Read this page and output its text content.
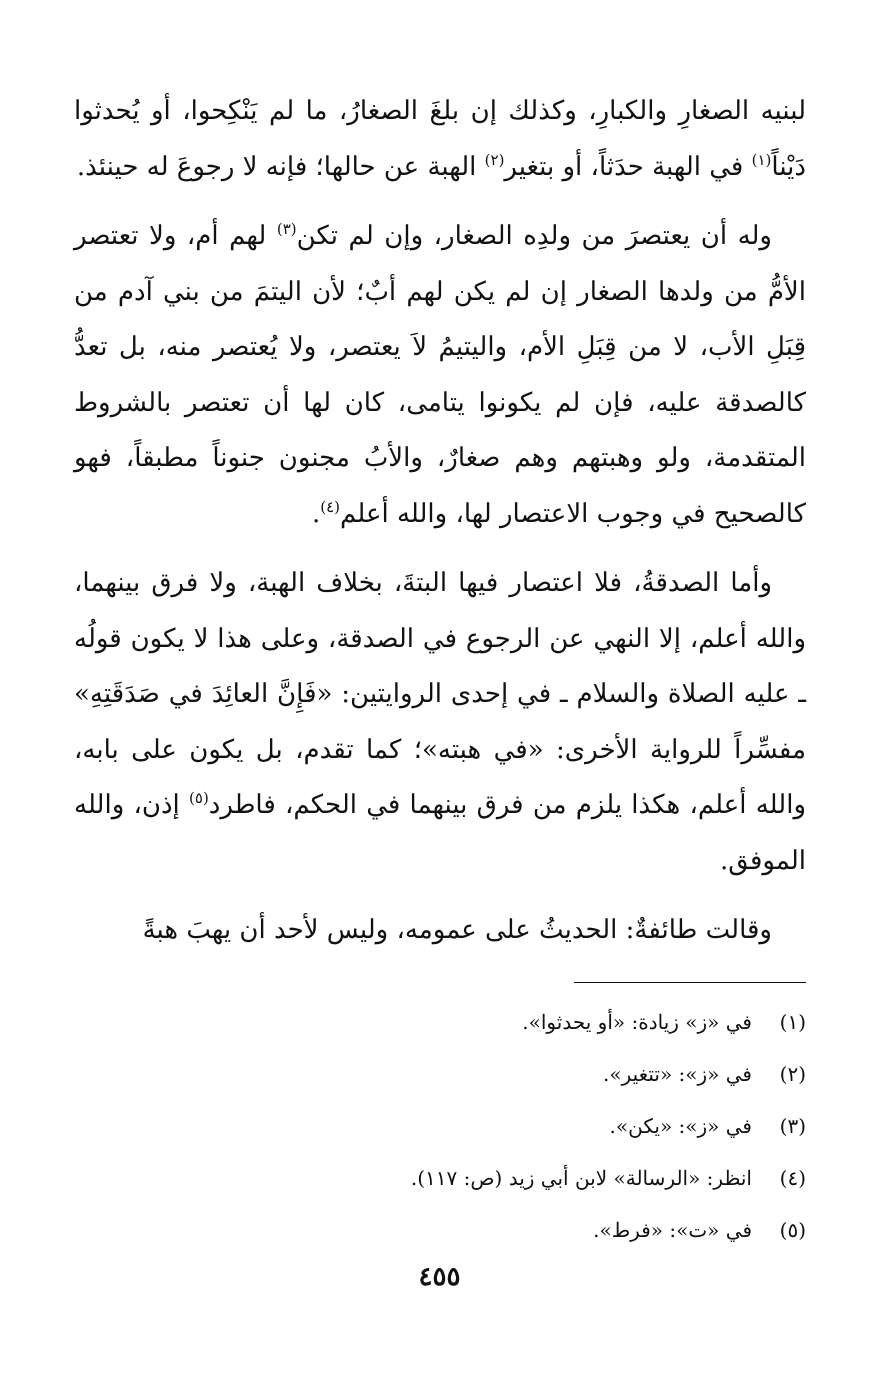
لبنيه الصغارِ والكبارِ، وكذلك إن بلغَ الصغارُ، ما لم يَنْكِحوا، أو يُحدثوا دَيْناً$^{(١)}$ في الهبة حدَثاً، أو بتغير$^{(٢)}$ الهبة عن حالها؛ فإنه لا رجوعَ له حينئذ.

وله أن يعتصرَ من ولدِه الصغار، وإن لم تكن$^{(٣)}$ لهم أم، ولا تعتصر الأمُّ من ولدها الصغار إن لم يكن لهم أبٌ؛ لأن اليتمَ من بني آدم من قِبَلِ الأب، لا من قِبَلِ الأم، واليتيمُ لاَ يعتصر، ولا يُعتصر منه، بل تعدُّ كالصدقة عليه، فإن لم يكونوا يتامى، كان لها أن تعتصر بالشروط المتقدمة، ولو وهبتهم وهم صغارٌ، والأبُ مجنون جنوناً مطبقاً، فهو كالصحيح في وجوب الاعتصار لها، والله أعلم$^{(٤)}$.

وأما الصدقةُ، فلا اعتصار فيها البتةَ، بخلاف الهبة، ولا فرق بينهما، والله أعلم، إلا النهي عن الرجوع في الصدقة، وعلى هذا لا يكون قولُه ـ عليه الصلاة والسلام ـ في إحدى الروايتين: «فَإِنَّ العائِدَ في صَدَقَتِهِ» مفسِّراً للرواية الأخرى: «في هبته»؛ كما تقدم، بل يكون على بابه، والله أعلم، هكذا يلزم من فرق بينهما في الحكم، فاطرد$^{(٥)}$ إذن، والله الموفق.

وقالت طائفةٌ: الحديثُ على عمومه، وليس لأحد أن يهبَ هبةً

(١)في «ز» زيادة: «أو يحدثوا».
(٢)في «ز»: «تتغير».
(٣)في «ز»: «يكن».
(٤)انظر: «الرسالة» لابن أبي زيد (ص: ١١٧).
(٥)في «ت»: «فرط».
٤٥٥
